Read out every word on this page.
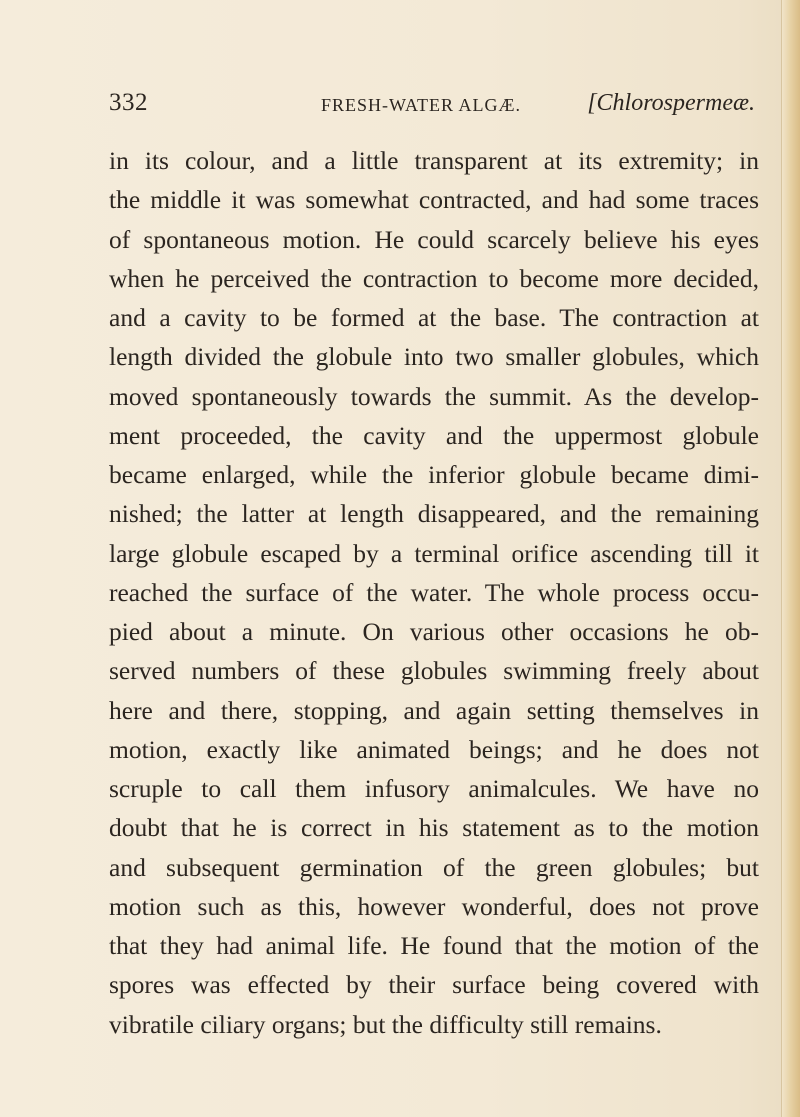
332	FRESH-WATER ALGÆ.	[Chlorospermeæ.
in its colour, and a little transparent at its extremity; in
the middle it was somewhat contracted, and had some traces
of spontaneous motion. He could scarcely believe his eyes
when he perceived the contraction to become more decided,
and a cavity to be formed at the base. The contraction at
length divided the globule into two smaller globules, which
moved spontaneously towards the summit. As the develop-
ment proceeded, the cavity and the uppermost globule
became enlarged, while the inferior globule became dimi-
nished; the latter at length disappeared, and the remaining
large globule escaped by a terminal orifice ascending till it
reached the surface of the water. The whole process occu-
pied about a minute. On various other occasions he ob-
served numbers of these globules swimming freely about
here and there, stopping, and again setting themselves in
motion, exactly like animated beings; and he does not
scruple to call them infusory animalcules. We have no
doubt that he is correct in his statement as to the motion
and subsequent germination of the green globules; but
motion such as this, however wonderful, does not prove
that they had animal life. He found that the motion of the
spores was effected by their surface being covered with
vibratile ciliary organs; but the difficulty still remains.
